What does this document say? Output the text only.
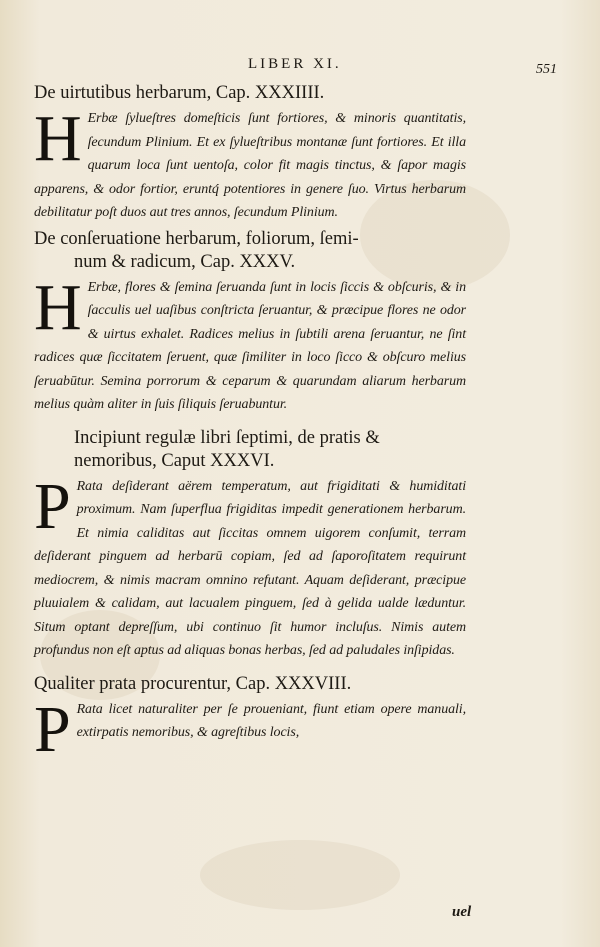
LIBER XI.	551
De uirtutibus herbarum, Cap. XXXIIII.

H Erbæ ſylueſtres domeſticis ſunt fortiores, & minoris quantitatis, ſecundum Plinium. Et ex ſylueſtribus montanæ ſunt fortiores. Et illa quarum loca ſunt uentoſa, color fit magis tinctus, & ſapor magis apparens, & odor fortior, eruntq́ potentiores in genere ſuo. Virtus herbarum debilitatur poſt duos aut tres annos, ſecundum Plinium.

De conſeruatione herbarum, foliorum, ſemi-
num & radicum, Cap. XXXV.

H Erbæ, flores & ſemina ſeruanda ſunt in locis ſiccis & obſcuris, & in ſacculis uel uaſibus conſtricta ſeruantur, & præcipue flores ne odor & uirtus exhalet. Radices melius in ſubtili arena ſeruantur, ne ſint radices quæ ſiccitatem ſeruent, quæ ſimiliter in loco ſicco & obſcuro melius ſeruabūtur. Semina porrorum & ceparum & quarundam aliarum herbarum melius quàm aliter in ſuis ſiliquis ſeruabuntur.

Incipiunt regulæ libri ſeptimi, de pratis &
nemoribus, Caput XXXVI.

P Rata deſiderant aërem temperatum, aut frigiditati & humiditati proximum. Nam ſuperflua frigiditas impedit generationem herbarum. Et nimia caliditas aut ſiccitas omnem uigorem conſumit, terram deſiderant pinguem ad herbarū copiam, ſed ad ſaporoſitatem requirunt mediocrem, & nimis macram omnino refutant. Aquam deſiderant, præcipue pluuialem & calidam, aut lacualem pinguem, ſed à gelida ualde læduntur. Situm optant depreſſum, ubi continuo ſit humor incluſus. Nimis autem profundus non eſt aptus ad aliquas bonas herbas, ſed ad paludales inſipidas.

Qualiter prata procurentur, Cap. XXXVIII.

P Rata licet naturaliter per ſe proueniant, fiunt etiam opere manuali, extirpatis nemoribus, & agreſtibus locis,

uel
